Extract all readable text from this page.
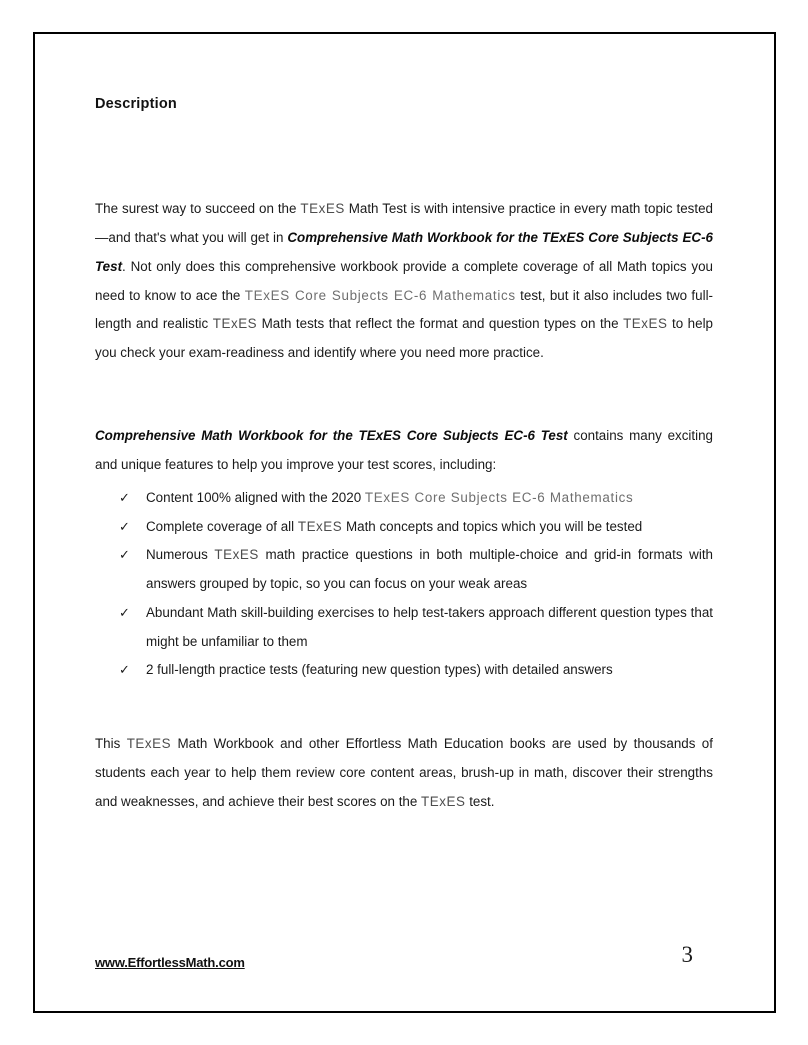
Description

The surest way to succeed on the TExES Math Test is with intensive practice in every math topic tested—and that's what you will get in Comprehensive Math Workbook for the TExES Core Subjects EC-6 Test. Not only does this comprehensive workbook provide a complete coverage of all Math topics you need to know to ace the TExES Core Subjects EC-6 Mathematics test, but it also includes two full-length and realistic TExES Math tests that reflect the format and question types on the TExES to help you check your exam-readiness and identify where you need more practice.

Comprehensive Math Workbook for the TExES Core Subjects EC-6 Test contains many exciting and unique features to help you improve your test scores, including:

✓ Content 100% aligned with the 2020 TExES Core Subjects EC-6 Mathematics
✓ Complete coverage of all TExES Math concepts and topics which you will be tested
✓ Numerous TExES math practice questions in both multiple-choice and grid-in formats with answers grouped by topic, so you can focus on your weak areas
✓ Abundant Math skill-building exercises to help test-takers approach different question types that might be unfamiliar to them
✓ 2 full-length practice tests (featuring new question types) with detailed answers

This TExES Math Workbook and other Effortless Math Education books are used by thousands of students each year to help them review core content areas, brush-up in math, discover their strengths and weaknesses, and achieve their best scores on the TExES test.

www.EffortlessMath.com	3
